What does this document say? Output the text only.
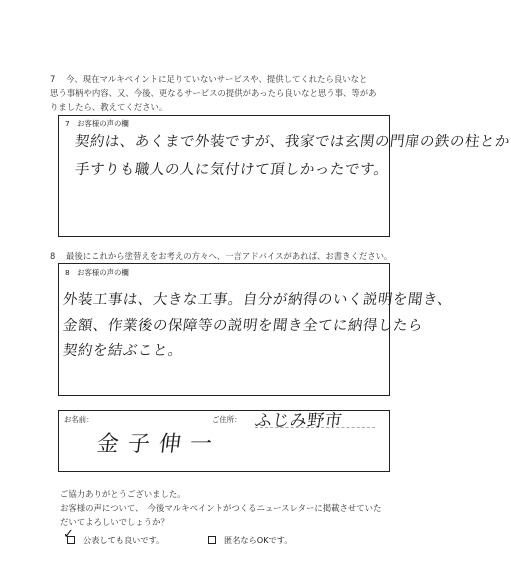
7 今、現在マルキペイントに足りていないサービスや、提供してくれたら良いなと
思う事柄や内容、又、今後、更なるサービスの提供があったら良いなと思う事、等があ
りましたら、教えてください。
7　お客様の声の欄
契約は、あくまで外装ですが、我家では玄関の門扉の鉄の柱とか
手すりも職人の人に気付けて頂しかったです。
8 最後にこれから塗替えをお考えの方々へ、一言アドバイスがあれば、お書きください。
8　お客様の声の欄
外装工事は、大きな工事。自分が納得のいく説明を聞き、
金額、作業後の保障等の説明を聞き全てに納得したら
契約を結ぶこと。
お名前：	ご住所： ふじみ野市
金子伸一
ご協力ありがとうございました。
お客様の声について、　今後マルキペイントがつくるニュースレターに掲載させていた
だいてよろしいでしょうか？
✓ 公表しても良いです。	匿名ならOKです。
